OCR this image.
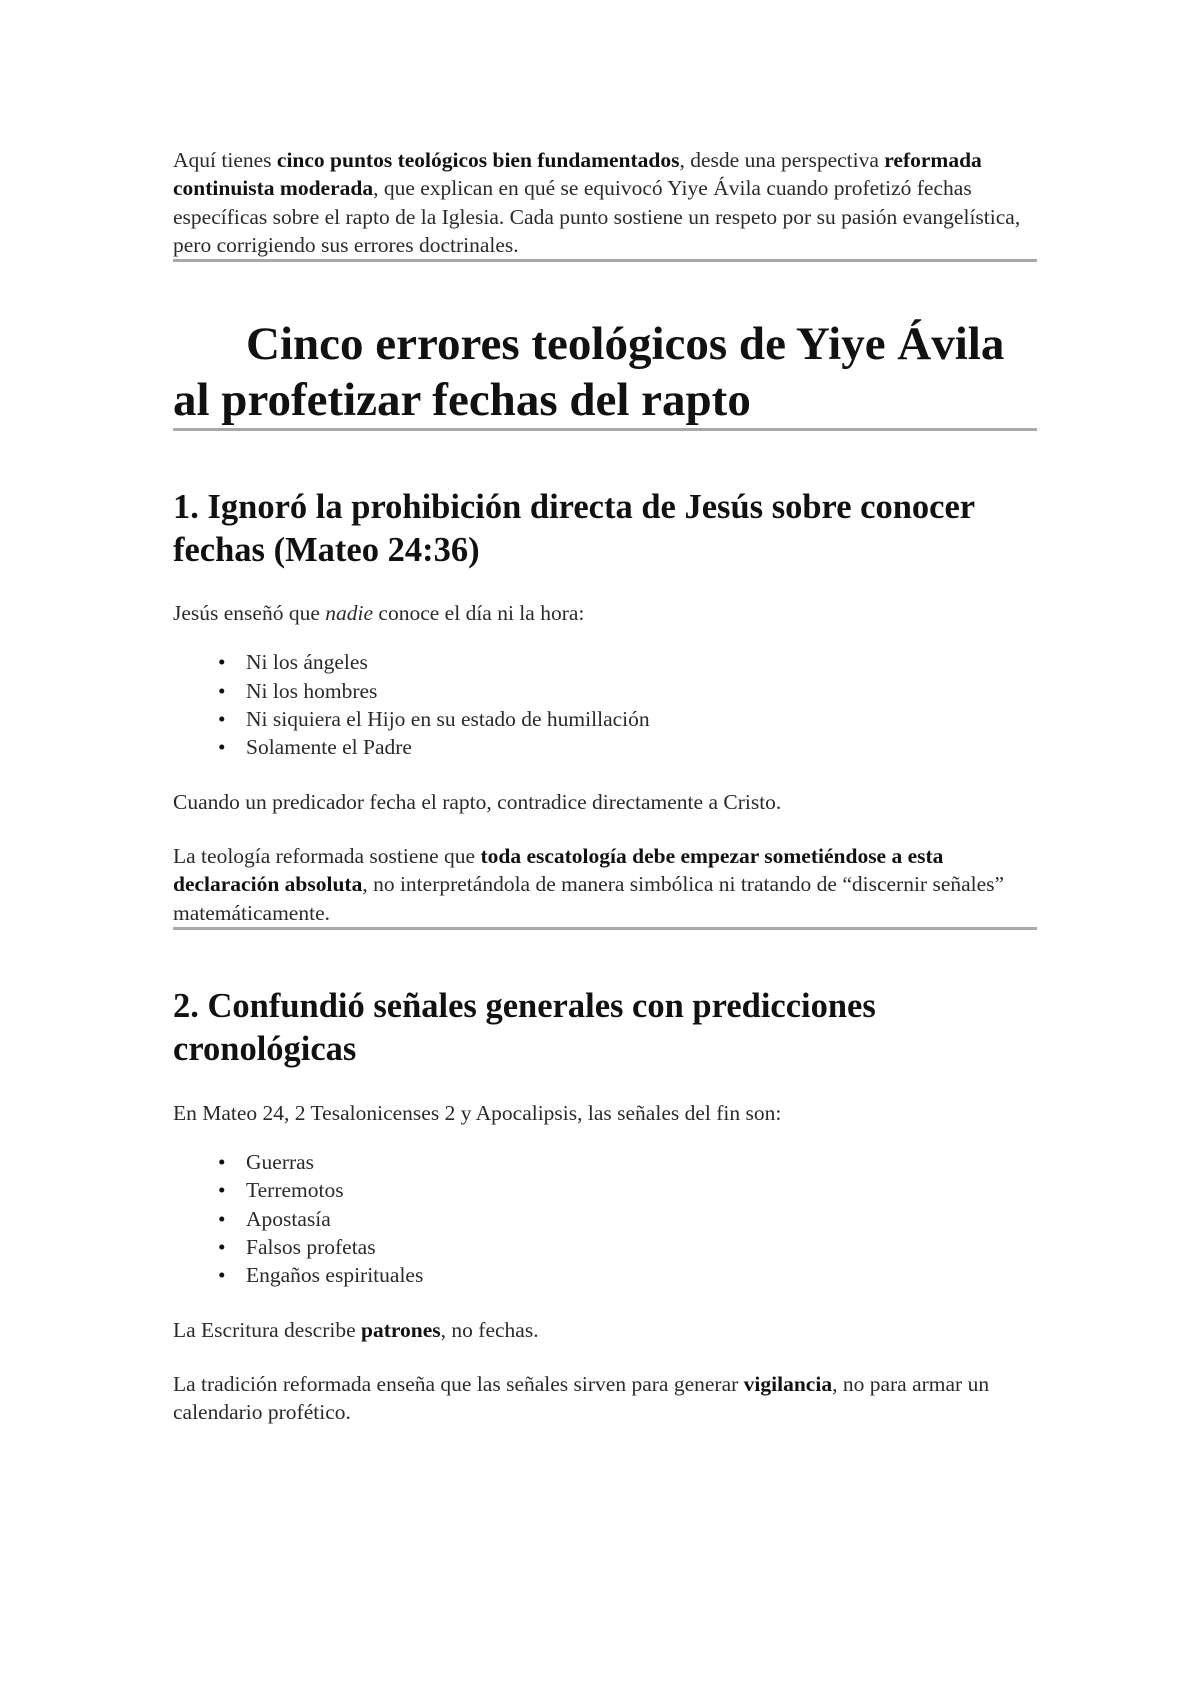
Aquí tienes cinco puntos teológicos bien fundamentados, desde una perspectiva reformada continuista moderada, que explican en qué se equivocó Yiye Ávila cuando profetizó fechas específicas sobre el rapto de la Iglesia. Cada punto sostiene un respeto por su pasión evangelística, pero corrigiendo sus errores doctrinales.

Cinco errores teológicos de Yiye Ávila
al profetizar fechas del rapto
1. Ignoró la prohibición directa de Jesús sobre conocer
fechas (Mateo 24:36)

Jesús enseñó que nadie conoce el día ni la hora:

• Ni los ángeles
• Ni los hombres
• Ni siquiera el Hijo en su estado de humillación
• Solamente el Padre

Cuando un predicador fecha el rapto, contradice directamente a Cristo.

La teología reformada sostiene que toda escatología debe empezar sometiéndose a esta declaración absoluta, no interpretándola de manera simbólica ni tratando de “discernir señales” matemáticamente.

2. Confundió señales generales con predicciones
cronológicas

En Mateo 24, 2 Tesalonicenses 2 y Apocalipsis, las señales del fin son:

• Guerras
• Terremotos
• Apostasía
• Falsos profetas
• Engaños espirituales

La Escritura describe patrones, no fechas.

La tradición reformada enseña que las señales sirven para generar vigilancia, no para armar un calendario profético.
